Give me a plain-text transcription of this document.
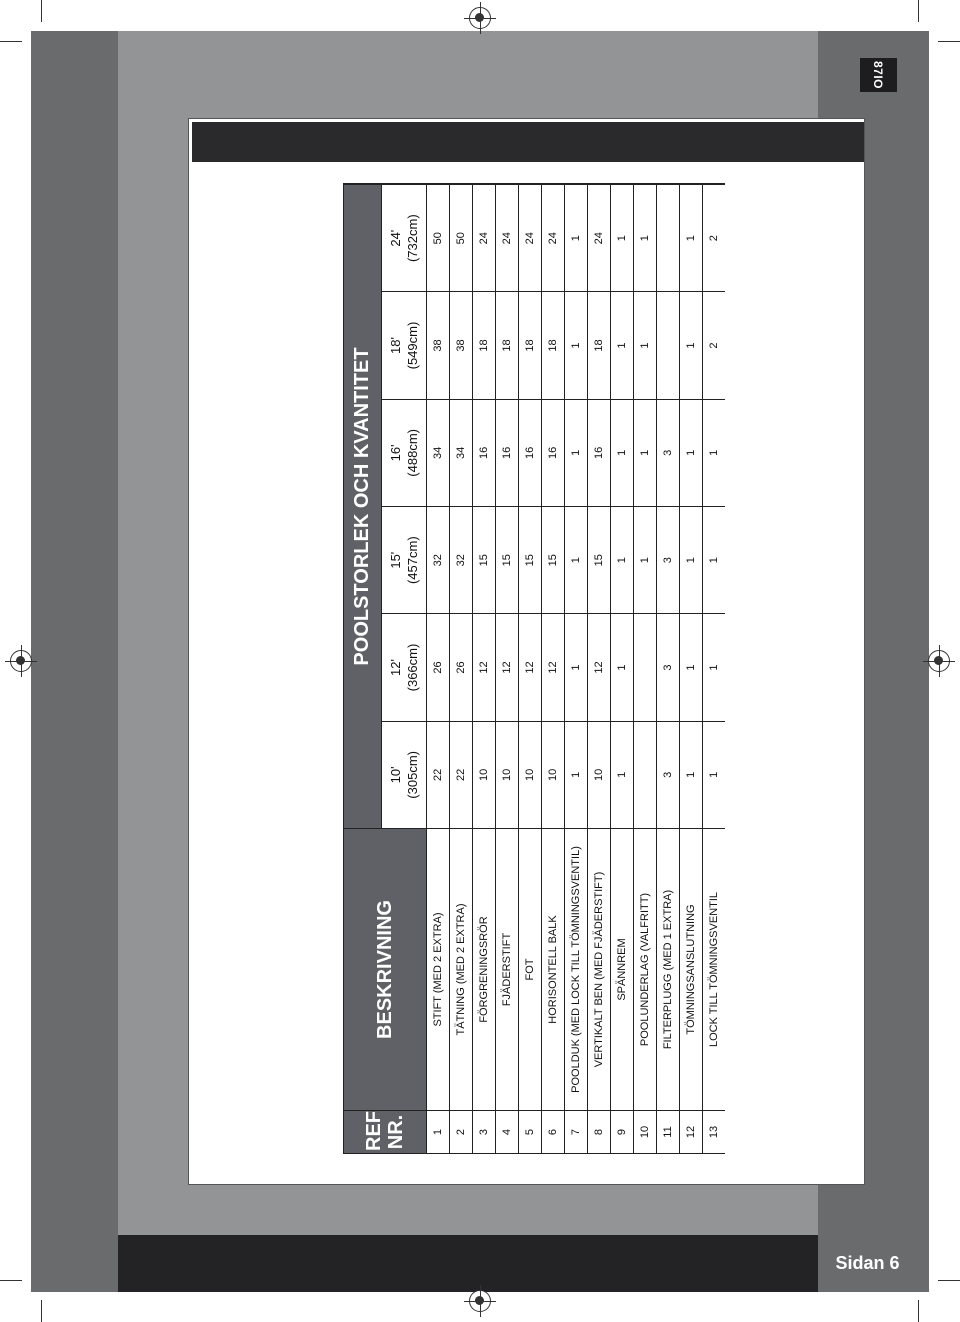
Sidan 6
87IO
REF
NR.	BESKRIVNING	POOLSTORLEK OCH KVANTITET						
		10' (305cm)	12' (366cm)	15' (457cm)	16' (488cm)	18' (549cm)	24' (732cm)	
1	STIFT (MED 2 EXTRA)	22	26	32	34	38	50	
2	TÄTNING (MED 2 EXTRA)	22	26	32	34	38	50	
3	FÖRGRENINGSRÖR	10	12	15	16	18	24	
4	FJÄDERSTIFT	10	12	15	16	18	24	
5	FOT	10	12	15	16	18	24	
6	HORISONTELL BALK	10	12	15	16	18	24	
7	POOLDUK (MED LOCK TILL TÖMNINGSVENTIL)	1	1	1	1	1	1	
8	VERTIKALT BEN (MED FJÄDERSTIFT)	10	12	15	16	18	24	
9	SPÄNNREM	1	1	1	1	1	1	
10	POOLUNDERLAG (VALFRITT)			1	1	1	1	
11	FILTERPLUGG (MED 1 EXTRA)	3	3	3	3			
12	TÖMNINGSANSLUTNING	1	1	1	1	1	1	
13	LOCK TILL TÖMNINGSVENTIL	1	1	1	1	2	2	
